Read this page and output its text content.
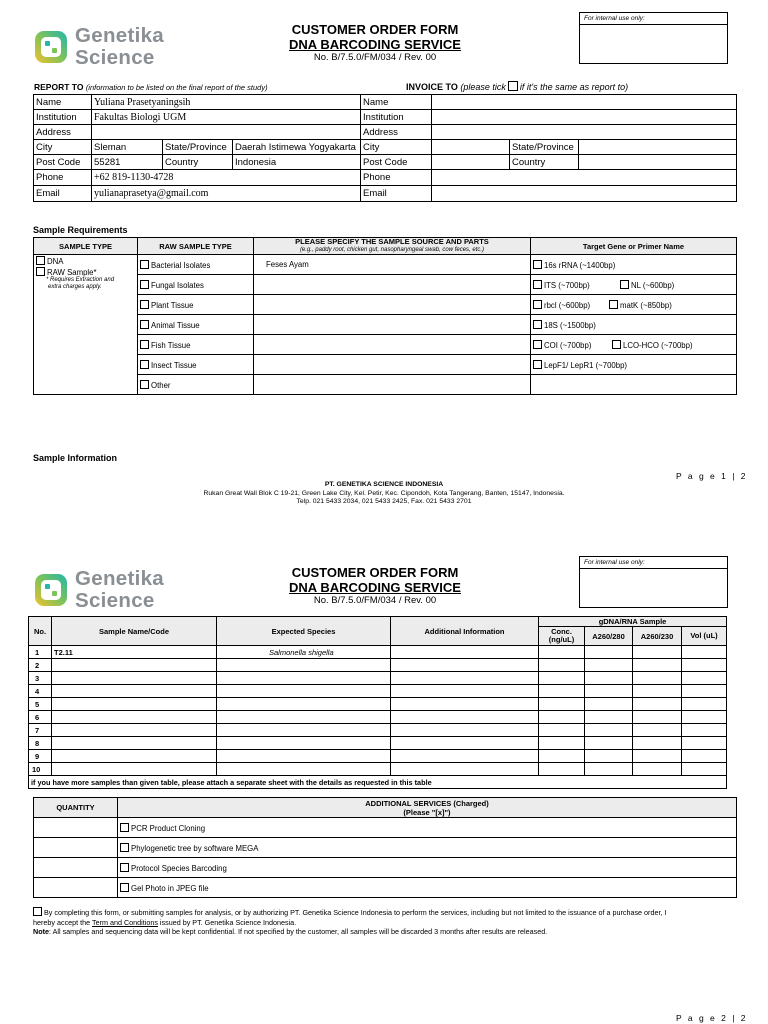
Genetika
Science
CUSTOMER ORDER FORM
DNA BARCODING SERVICE
No. B/7.5.0/FM/034 / Rev. 00
For internal use only:
REPORT TO (information to be listed on the final report of the study)	INVOICE TO (please tick if it's the same as report to)
Name	Yuliana Prasetyaningsih			Name			
Institution	Fakultas Biologi UGM			Institution			
Address				Address			
City	Sleman	State/Province	Daerah Istimewa Yogyakarta	City		State/Province	
Post Code	55281	Country	Indonesia	Post Code		Country	
Phone	+62 819-1130-4728			Phone			
Email	yulianaprasetya@gmail.com			Email			
Sample Requirements
SAMPLE TYPE	RAW SAMPLE TYPE	PLEASE SPECIFY THE SAMPLE SOURCE AND PARTS
(e.g., paddy root, chicken gut, nasopharyngeal swab, cow feces, etc.)	Target Gene or Primer Name

DNA
RAW Sample*
* Requires Extraction and
extra charges apply.	Bacterial Isolates	Feses Ayam	16s rRNA (~1400bp)
	Fungal Isolates		ITS (~700bp) NL (~600bp)
	Plant Tissue		rbcl (~600bp) matK (~850bp)
	Animal Tissue		18S (~1500bp)
	Fish Tissue		COI (~700bp) LCO-HCO (~700bp)
	Insect Tissue		LepF1/ LepR1 (~700bp)
	Other		
Sample Information
P a g e 1 | 2
PT. GENETIKA SCIENCE INDONESIA
Rukan Great Wall Blok C 19-21, Green Lake City, Kel. Petir, Kec. Cipondoh, Kota Tangerang, Banten, 15147, Indonesia.
Telp. 021 5433 2034, 021 5433 2425, Fax. 021 5433 2701
Genetika
Science
CUSTOMER ORDER FORM
DNA BARCODING SERVICE
No. B/7.5.0/FM/034 / Rev. 00
For internal use only:
No.	Sample Name/Code	Expected Species	Additional Information	gDNA/RNA Sample			
				Conc. (ng/uL)	A260/280	A260/230	Vol (uL)
1	T2.11	Salmonella shigella					
2							
3							
4							
5							
6							
7							
8							
9							
10							
if you have more samples than given table, please attach a separate sheet with the details as requested in this table							
QUANTITY	ADDITIONAL SERVICES (Charged)
(Please "[x]")

	PCR Product Cloning
	Phylogenetic tree by software MEGA
	Protocol Species Barcoding
	Gel Photo in JPEG file
By completing this form, or submitting samples for analysis, or by authorizing PT. Genetika Science Indonesia to perform the services, including but not limited to the issuance of a purchase order, I
hereby accept the Term and Conditions issued by PT. Genetika Science Indonesia.
Note: All samples and sequencing data will be kept confidential. If not specified by the customer, all samples will be discarded 3 months after results are released.
P a g e 2 | 2
